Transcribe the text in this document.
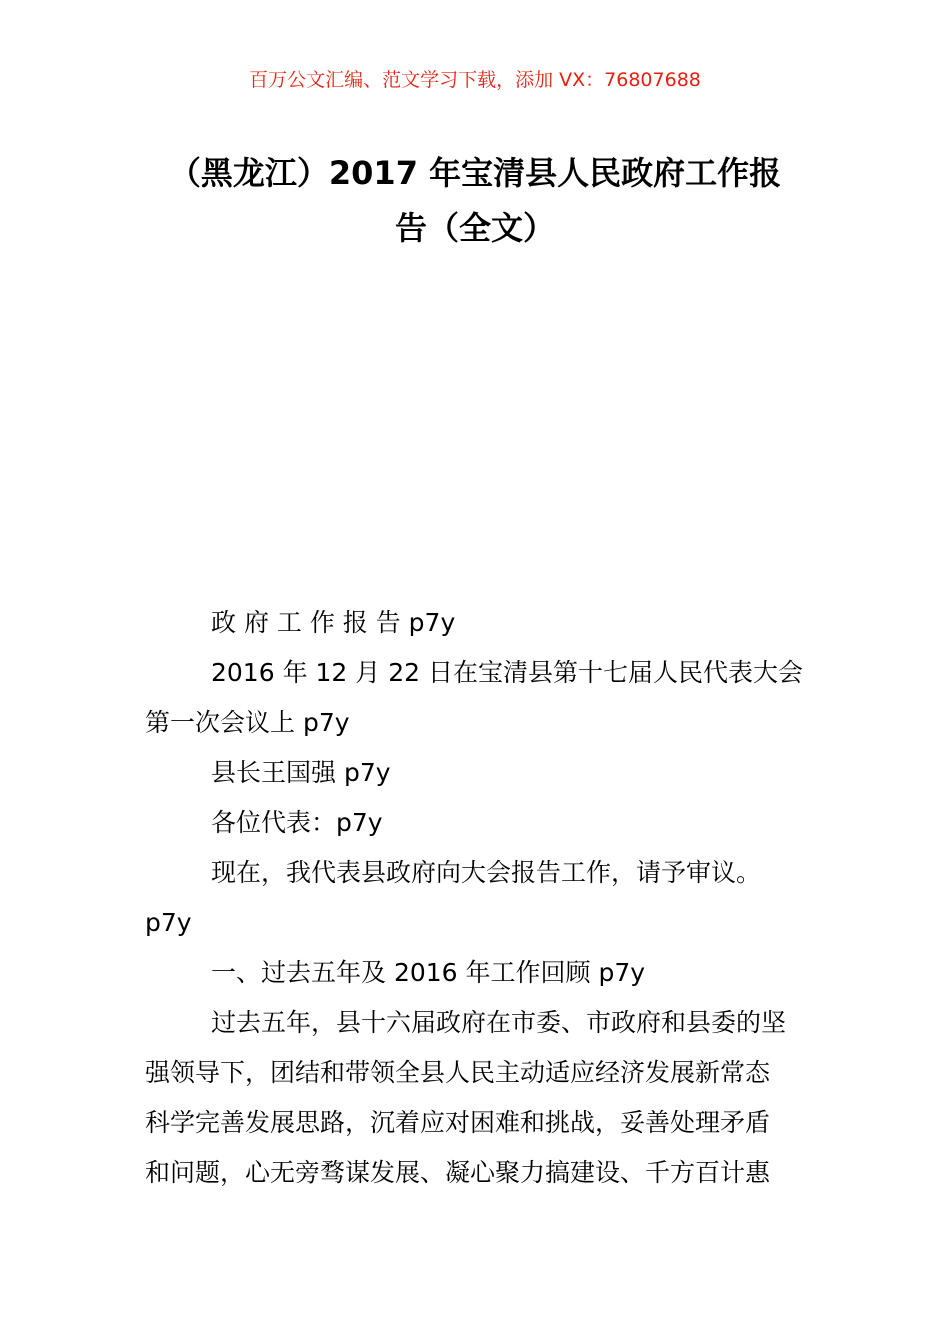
百万公文汇编、范文学习下载，添加 VX：76807688
（黑龙江）2017 年宝清县人民政府工作报
告（全文）
政 府 工 作 报 告 p7y
2016 年 12 月 22 日在宝清县第十七届人民代表大会
第一次会议上 p7y
县长王国强 p7y
各位代表：p7y
现在，我代表县政府向大会报告工作，请予审议。
p7y
一、过去五年及 2016 年工作回顾 p7y
过去五年，县十六届政府在市委、市政府和县委的坚
强领导下，团结和带领全县人民主动适应经济发展新常态
科学完善发展思路，沉着应对困难和挑战，妥善处理矛盾
和问题，心无旁骛谋发展、凝心聚力搞建设、千方百计惠
